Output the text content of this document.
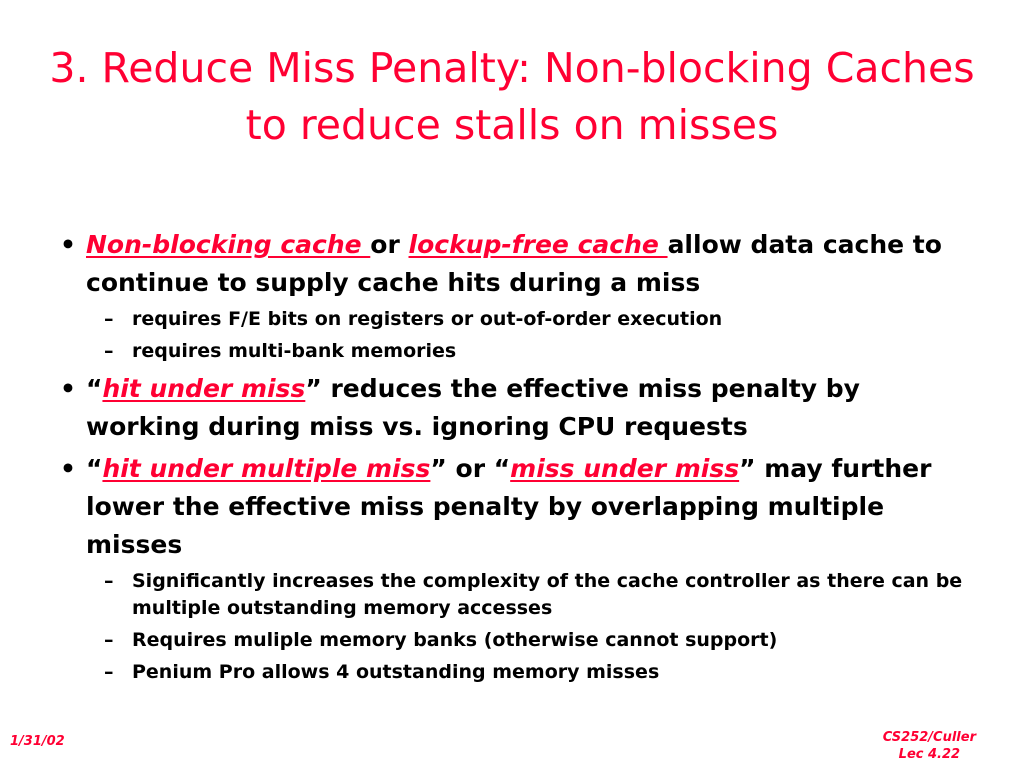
3. Reduce Miss Penalty: Non-blocking Caches to reduce stalls on misses
• Non-blocking cache or lockup-free cache allow data cache to continue to supply cache hits during a miss
– requires F/E bits on registers or out-of-order execution
– requires multi-bank memories
• “hit under miss” reduces the effective miss penalty by working during miss vs. ignoring CPU requests
• “hit under multiple miss” or “miss under miss” may further lower the effective miss penalty by overlapping multiple misses
– Significantly increases the complexity of the cache controller as there can be multiple outstanding memory accesses
– Requires muliple memory banks (otherwise cannot support)
– Penium Pro allows 4 outstanding memory misses
1/31/02	CS252/Culler
Lec 4.22
